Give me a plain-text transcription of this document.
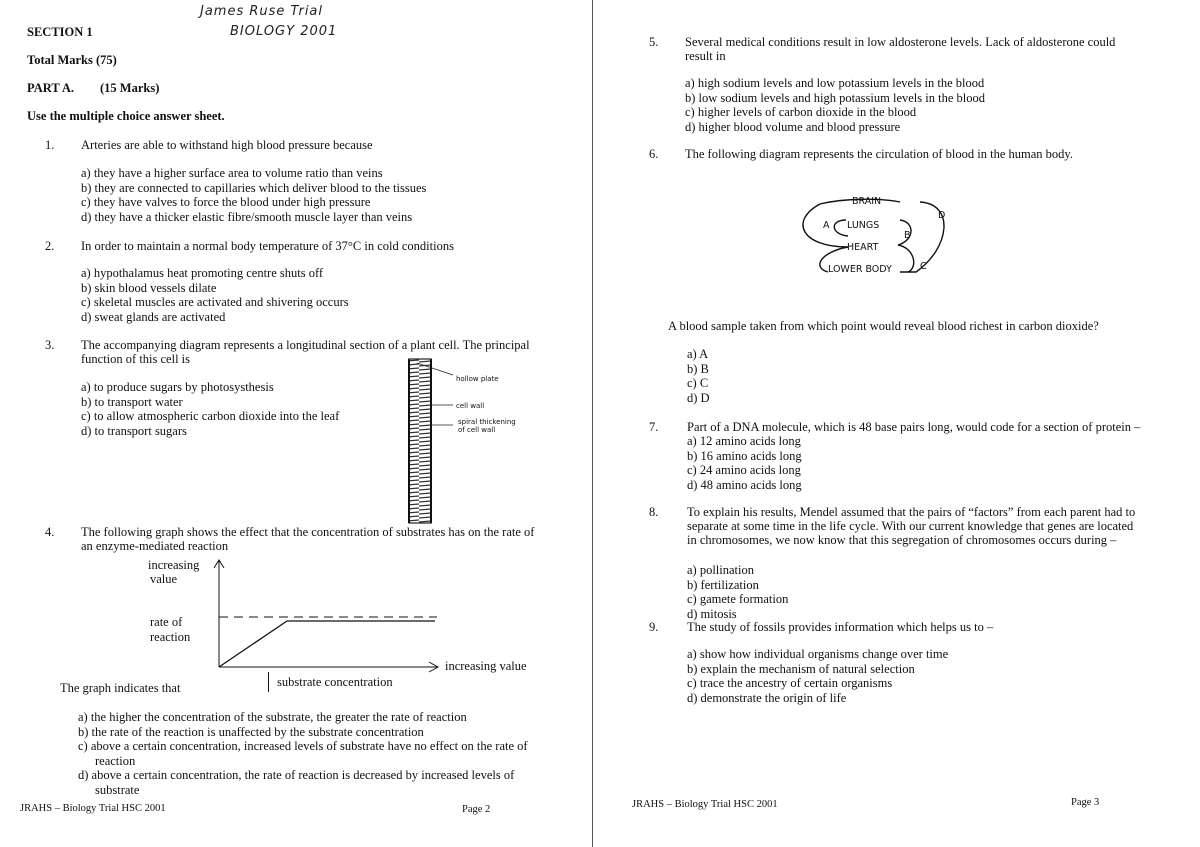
James Ruse Trial
BIOLOGY 2001
SECTION 1
Total Marks (75)
PART A. (15 Marks)
Use the multiple choice answer sheet.
1. Arteries are able to withstand high blood pressure because
a) they have a higher surface area to volume ratio than veins
b) they are connected to capillaries which deliver blood to the tissues
c) they have valves to force the blood under high pressure
d) they have a thicker elastic fibre/smooth muscle layer than veins
2. In order to maintain a normal body temperature of 37°C in cold conditions
a) hypothalamus heat promoting centre shuts off
b) skin blood vessels dilate
c) skeletal muscles are activated and shivering occurs
d) sweat glands are activated
3. The accompanying diagram represents a longitudinal section of a plant cell. The principal
function of this cell is
a) to produce sugars by photosysthesis
b) to transport water
c) to allow atmospheric carbon dioxide into the leaf
d) to transport sugars
hollow plate
cell wall
spiral thickening
of cell wall
4. The following graph shows the effect that the concentration of substrates has on the rate of
an enzyme-mediated reaction
increasing
value
rate of
reaction
increasing value
substrate concentration
The graph indicates that
a) the higher the concentration of the substrate, the greater the rate of reaction
b) the rate of the reaction is unaffected by the substrate concentration
c) above a certain concentration, increased levels of substrate have no effect on the rate of
reaction
d) above a certain concentration, the rate of reaction is decreased by increased levels of
substrate
JRAHS – Biology Trial HSC 2001	Page 2
5. Several medical conditions result in low aldosterone levels. Lack of aldosterone could
result in
a) high sodium levels and low potassium levels in the blood
b) low sodium levels and high potassium levels in the blood
c) higher levels of carbon dioxide in the blood
d) higher blood volume and blood pressure
6. The following diagram represents the circulation of blood in the human body.
BRAIN
LUNGS
HEART
LOWER BODY
A
B
C
D
A blood sample taken from which point would reveal blood richest in carbon dioxide?
a) A
b) B
c) C
d) D
7. Part of a DNA molecule, which is 48 base pairs long, would code for a section of protein –
a) 12 amino acids long
b) 16 amino acids long
c) 24 amino acids long
d) 48 amino acids long
8. To explain his results, Mendel assumed that the pairs of “factors” from each parent had to
separate at some time in the life cycle. With our current knowledge that genes are located
in chromosomes, we now know that this segregation of chromosomes occurs during –
a) pollination
b) fertilization
c) gamete formation
d) mitosis
9. The study of fossils provides information which helps us to –
a) show how individual organisms change over time
b) explain the mechanism of natural selection
c) trace the ancestry of certain organisms
d) demonstrate the origin of life
JRAHS – Biology Trial HSC 2001	Page 3
